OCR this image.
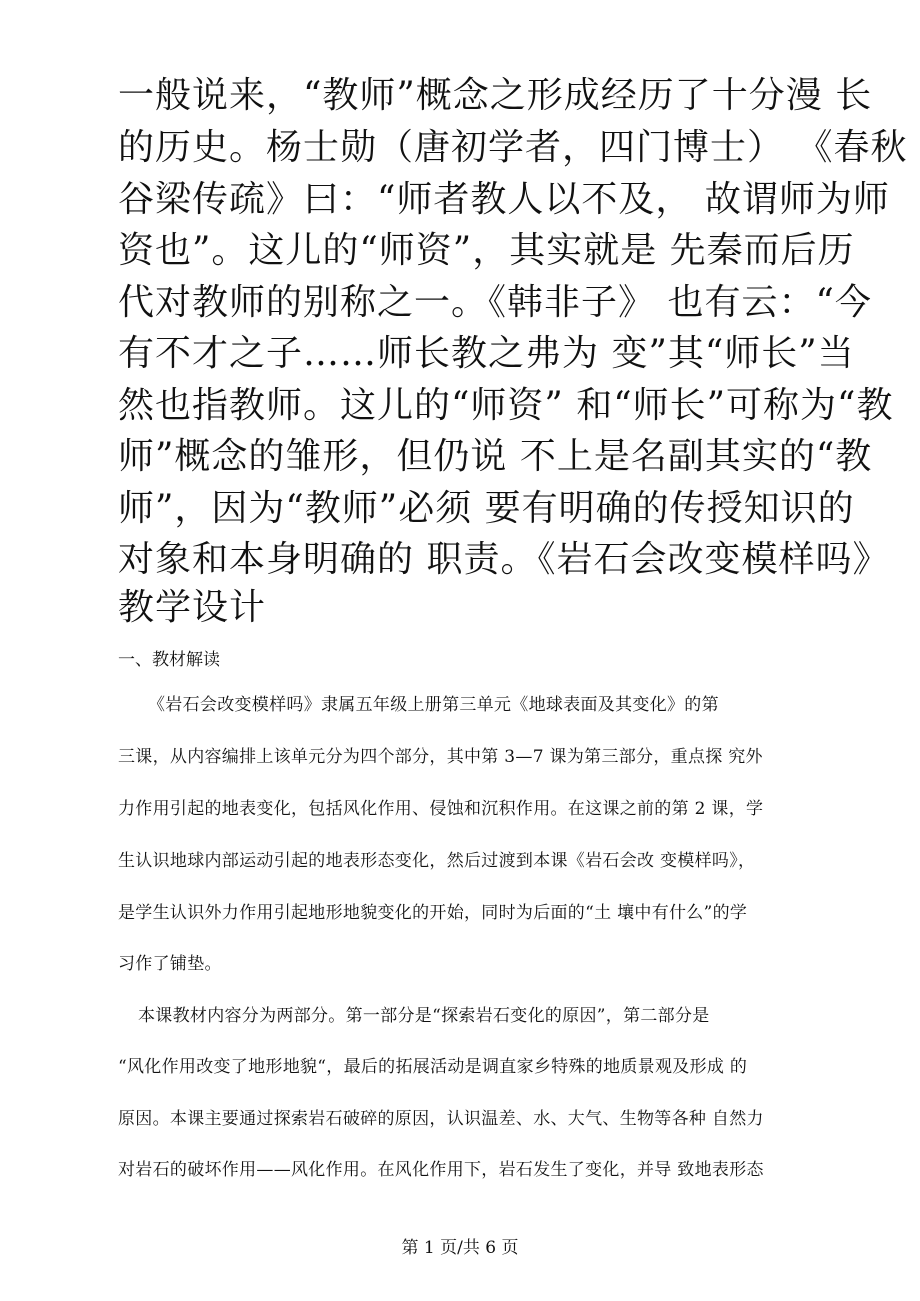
一般说来，“教师”概念之形成经历了十分漫 长
的历史。杨士勋（唐初学者，四门博士） 《春秋
谷梁传疏》曰：“师者教人以不及， 故谓师为师
资也”。这儿的“师资”，其实就是 先秦而后历
代对教师的别称之一。《韩非子》 也有云：“今
有不才之子……师长教之弗为 变”其“师长”当
然也指教师。这儿的“师资” 和“师长”可称为“教
师”概念的雏形，但仍说 不上是名副其实的“教
师”，因为“教师”必须 要有明确的传授知识的
对象和本身明确的 职责。《岩石会改变模样吗》
教学设计
一、教材解读
《岩石会改变模样吗》隶属五年级上册第三单元《地球表面及其变化》的第
三课，从内容编排上该单元分为四个部分，其中第 3—7 课为第三部分，重点探 究外
力作用引起的地表变化，包括风化作用、侵蚀和沉积作用。在这课之前的第 2 课，学
生认识地球内部运动引起的地表形态变化，然后过渡到本课《岩石会改 变模样吗》，
是学生认识外力作用引起地形地貌变化的开始，同时为后面的“土 壤中有什么”的学
习作了铺垫。
本课教材内容分为两部分。第一部分是“探索岩石变化的原因”，第二部分是
“风化作用改变了地形地貌“，最后的拓展活动是调直家乡特殊的地质景观及形成 的
原因。本课主要通过探索岩石破碎的原因，认识温差、水、大气、生物等各种 自然力
对岩石的破坏作用——风化作用。在风化作用下，岩石发生了变化，并导 致地表形态
第 1 页/共 6 页
